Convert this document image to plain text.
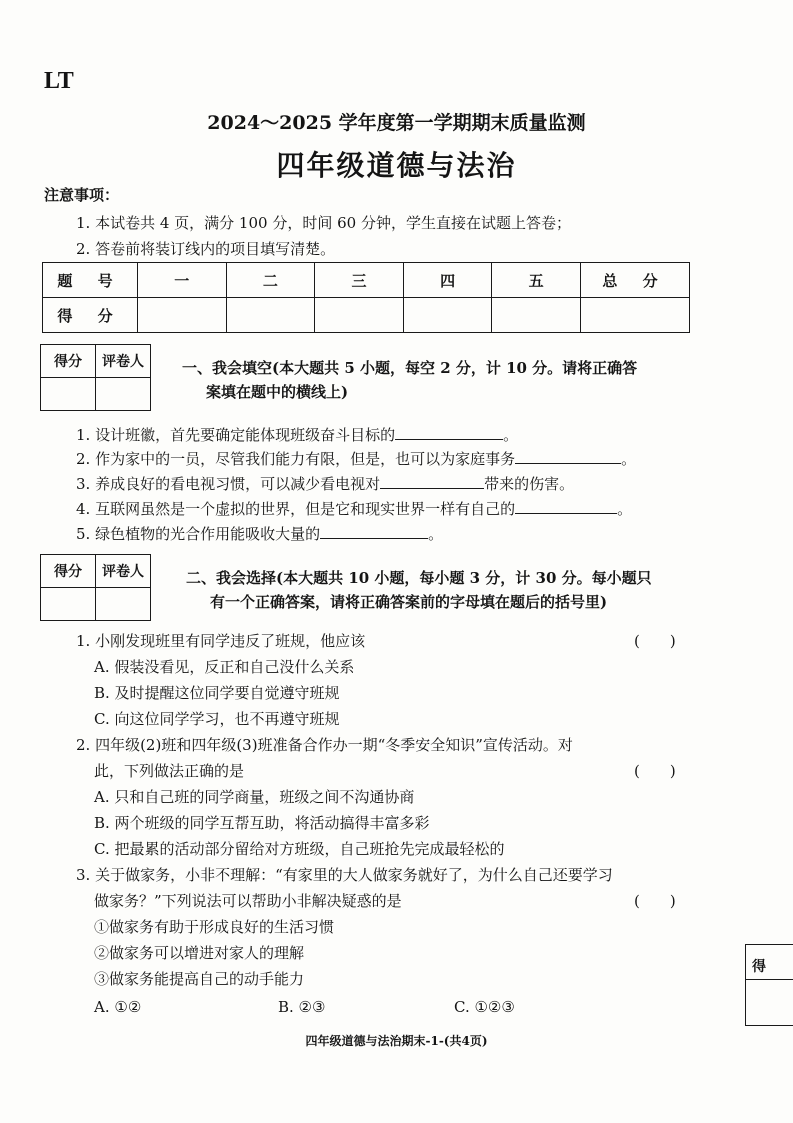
LT
2024～2025 学年度第一学期期末质量监测
四年级道德与法治
注意事项：
1. 本试卷共 4 页，满分 100 分，时间 60 分钟，学生直接在试题上答卷；
2. 答卷前将装订线内的项目填写清楚。
题 号	一	二	三	四	五	总 分
得 分						
得分	评卷人
		一、我会填空(本大题共 5 小题，每空 2 分，计 10 分。请将正确答
案填在题中的横线上)
1. 设计班徽，首先要确定能体现班级奋斗目标的	。
2. 作为家中的一员，尽管我们能力有限，但是，也可以为家庭事务	。
3. 养成良好的看电视习惯，可以减少看电视对	带来的伤害。
4. 互联网虽然是一个虚拟的世界，但是它和现实世界一样有自己的	。
5. 绿色植物的光合作用能吸收大量的	。
得分	评卷人
		二、我会选择(本大题共 10 小题，每小题 3 分，计 30 分。每小题只
有一个正确答案，请将正确答案前的字母填在题后的括号里)
1. 小刚发现班里有同学违反了班规，他应该	(　　)
A. 假装没看见，反正和自己没什么关系
B. 及时提醒这位同学要自觉遵守班规
C. 向这位同学学习，也不再遵守班规
2. 四年级(2)班和四年级(3)班准备合作办一期“冬季安全知识”宣传活动。对
此，下列做法正确的是	(　　)
A. 只和自己班的同学商量，班级之间不沟通协商
B. 两个班级的同学互帮互助，将活动搞得丰富多彩
C. 把最累的活动部分留给对方班级，自己班抢先完成最轻松的
3. 关于做家务，小非不理解：“有家里的大人做家务就好了，为什么自己还要学习
做家务？”下列说法可以帮助小非解决疑惑的是	(　　)
①做家务有助于形成良好的生活习惯
②做家务可以增进对家人的理解
③做家务能提高自己的动手能力
A. ①②	B. ②③	C. ①②③
得
四年级道德与法治期末-1-(共4页)
